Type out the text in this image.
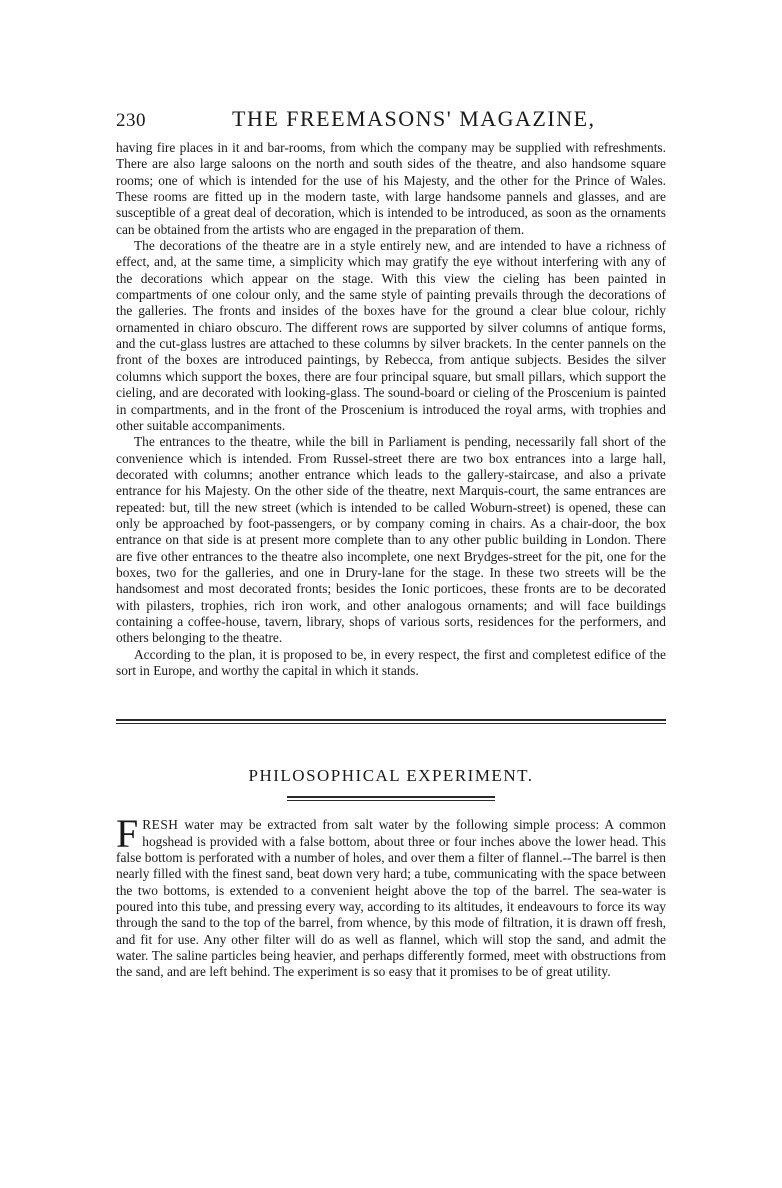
230	THE FREEMASONS' MAGAZINE,

having fire places in it and bar-rooms, from which the company may be supplied with refreshments. There are also large saloons on the north and south sides of the theatre, and also handsome square rooms; one of which is intended for the use of his Majesty, and the other for the Prince of Wales. These rooms are fitted up in the modern taste, with large handsome pannels and glasses, and are susceptible of a great deal of decoration, which is intended to be introduced, as soon as the ornaments can be obtained from the artists who are engaged in the preparation of them.

The decorations of the theatre are in a style entirely new, and are intended to have a richness of effect, and, at the same time, a simplicity which may gratify the eye without interfering with any of the decorations which appear on the stage. With this view the cieling has been painted in compartments of one colour only, and the same style of painting prevails through the decorations of the galleries. The fronts and insides of the boxes have for the ground a clear blue colour, richly ornamented in chiaro obscuro. The different rows are supported by silver columns of antique forms, and the cut-glass lustres are attached to these columns by silver brackets. In the center pannels on the front of the boxes are introduced paintings, by Rebecca, from antique subjects. Besides the silver columns which support the boxes, there are four principal square, but small pillars, which support the cieling, and are decorated with looking-glass. The sound-board or cieling of the Proscenium is painted in compartments, and in the front of the Proscenium is introduced the royal arms, with trophies and other suitable accompaniments.

The entrances to the theatre, while the bill in Parliament is pending, necessarily fall short of the convenience which is intended. From Russel-street there are two box entrances into a large hall, decorated with columns; another entrance which leads to the gallery-staircase, and also a private entrance for his Majesty. On the other side of the theatre, next Marquis-court, the same entrances are repeated: but, till the new street (which is intended to be called Woburn-street) is opened, these can only be approached by foot-passengers, or by company coming in chairs. As a chair-door, the box entrance on that side is at present more complete than to any other public building in London. There are five other entrances to the theatre also incomplete, one next Brydges-street for the pit, one for the boxes, two for the galleries, and one in Drury-lane for the stage. In these two streets will be the handsomest and most decorated fronts; besides the Ionic porticoes, these fronts are to be decorated with pilasters, trophies, rich iron work, and other analogous ornaments; and will face buildings containing a coffee-house, tavern, library, shops of various sorts, residences for the performers, and others belonging to the theatre.

According to the plan, it is proposed to be, in every respect, the first and completest edifice of the sort in Europe, and worthy the capital in which it stands.

PHILOSOPHICAL EXPERIMENT.

FRESH water may be extracted from salt water by the following simple process: A common hogshead is provided with a false bottom, about three or four inches above the lower head. This false bottom is perforated with a number of holes, and over them a filter of flannel.--The barrel is then nearly filled with the finest sand, beat down very hard; a tube, communicating with the space between the two bottoms, is extended to a convenient height above the top of the barrel. The sea-water is poured into this tube, and pressing every way, according to its altitudes, it endeavours to force its way through the sand to the top of the barrel, from whence, by this mode of filtration, it is drawn off fresh, and fit for use. Any other filter will do as well as flannel, which will stop the sand, and admit the water. The saline particles being heavier, and perhaps differently formed, meet with obstructions from the sand, and are left behind. The experiment is so easy that it promises to be of great utility.
